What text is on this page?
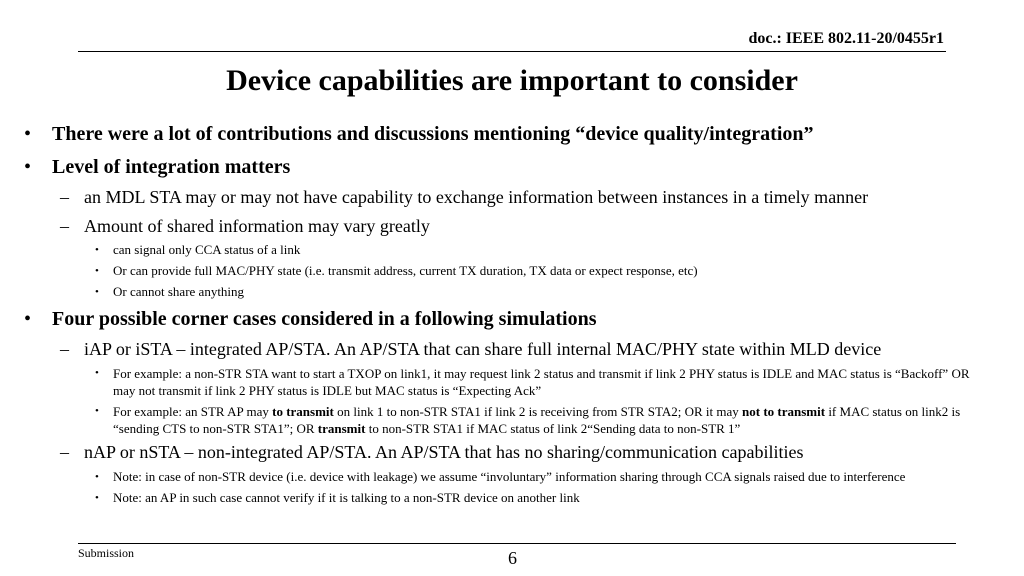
doc.: IEEE 802.11-20/0455r1
Device capabilities are important to consider
• There were a lot of contributions and discussions mentioning “device quality/integration”
• Level of integration matters
– an MDL STA may or may not have capability to exchange information between instances in a timely manner
– Amount of shared information may vary greatly
• can signal only CCA status of a link
• Or can provide full MAC/PHY state (i.e. transmit address, current TX duration, TX data or expect response, etc)
• Or cannot share anything
• Four possible corner cases considered in a following simulations
– iAP or iSTA – integrated AP/STA. An AP/STA that can share full internal MAC/PHY state within MLD device
• For example: a non-STR STA want to start a TXOP on link1, it may request link 2 status and transmit if link 2 PHY status is IDLE and MAC status is “Backoff” OR may not transmit if link 2 PHY status is IDLE but MAC status is “Expecting Ack”
• For example: an STR AP may to transmit on link 1 to non-STR STA1 if link 2 is receiving from STR STA2; OR it may not to transmit if MAC status on link2 is “sending CTS to non-STR STA1”; OR transmit to non-STR STA1 if MAC status of link 2“Sending data to non-STR 1”
– nAP or nSTA – non-integrated AP/STA. An AP/STA that has no sharing/communication capabilities
• Note: in case of non-STR device (i.e. device with leakage) we assume “involuntary” information sharing through CCA signals raised due to interference
• Note: an AP in such case cannot verify if it is talking to a non-STR device on another link
Submission	6
